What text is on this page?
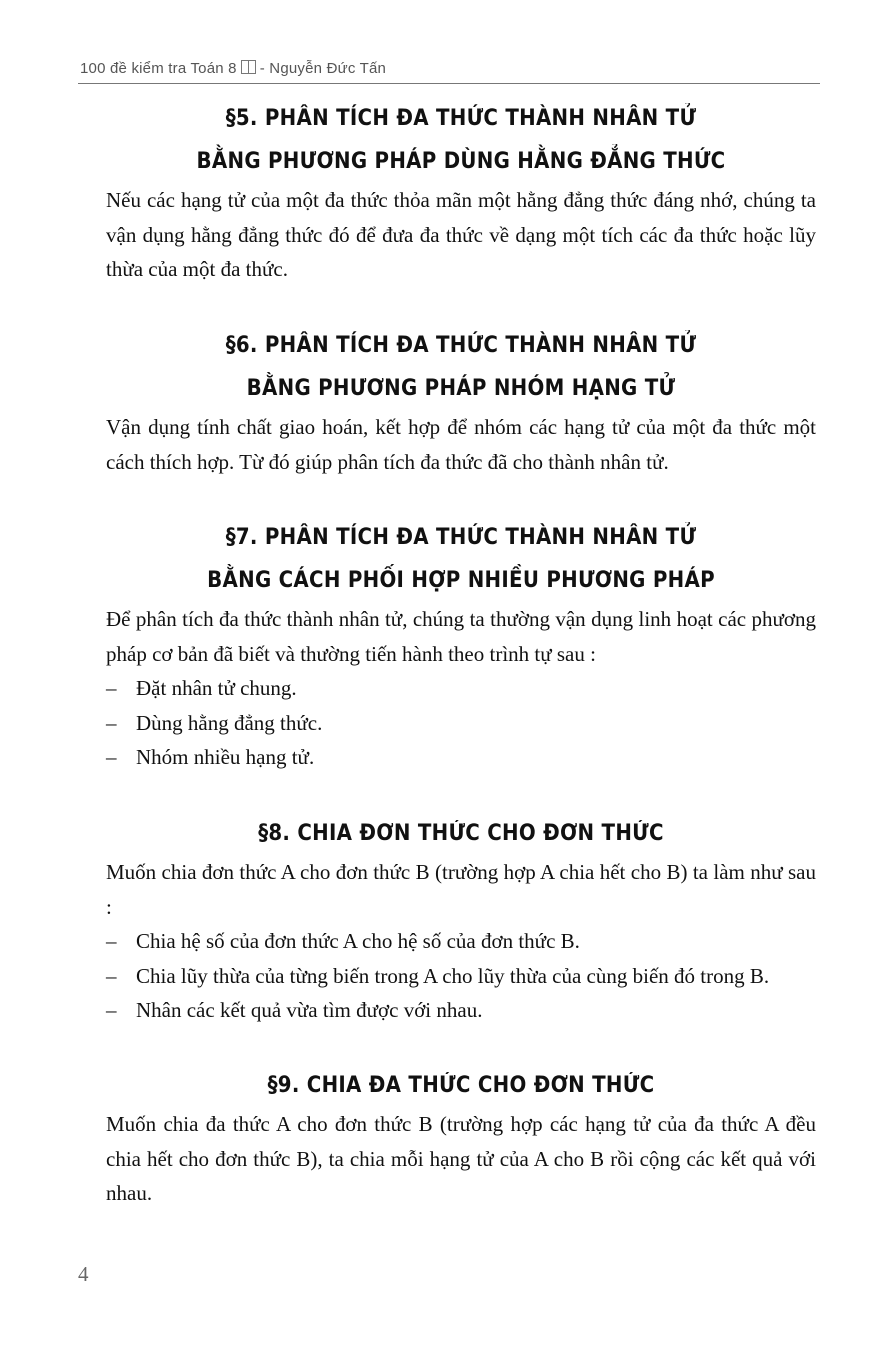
100 đề kiểm tra Toán 8 - Nguyễn Đức Tấn
§5. PHÂN TÍCH ĐA THỨC THÀNH NHÂN TỬ
BẰNG PHƯƠNG PHÁP DÙNG HẰNG ĐẲNG THỨC

Nếu các hạng tử của một đa thức thỏa mãn một hằng đẳng thức đáng nhớ, chúng ta vận dụng hằng đẳng thức đó để đưa đa thức về dạng một tích các đa thức hoặc lũy thừa của một đa thức.

§6. PHÂN TÍCH ĐA THỨC THÀNH NHÂN TỬ
BẰNG PHƯƠNG PHÁP NHÓM HẠNG TỬ

Vận dụng tính chất giao hoán, kết hợp để nhóm các hạng tử của một đa thức một cách thích hợp. Từ đó giúp phân tích đa thức đã cho thành nhân tử.

§7. PHÂN TÍCH ĐA THỨC THÀNH NHÂN TỬ
BẰNG CÁCH PHỐI HỢP NHIỀU PHƯƠNG PHÁP

Để phân tích đa thức thành nhân tử, chúng ta thường vận dụng linh hoạt các phương pháp cơ bản đã biết và thường tiến hành theo trình tự sau :

– Đặt nhân tử chung.
– Dùng hằng đẳng thức.
– Nhóm nhiều hạng tử.
§8. CHIA ĐƠN THỨC CHO ĐƠN THỨC

Muốn chia đơn thức A cho đơn thức B (trường hợp A chia hết cho B) ta làm như sau :

– Chia hệ số của đơn thức A cho hệ số của đơn thức B.
– Chia lũy thừa của từng biến trong A cho lũy thừa của cùng biến đó trong B.
– Nhân các kết quả vừa tìm được với nhau.
§9. CHIA ĐA THỨC CHO ĐƠN THỨC

Muốn chia đa thức A cho đơn thức B (trường hợp các hạng tử của đa thức A đều chia hết cho đơn thức B), ta chia mỗi hạng tử của A cho B rồi cộng các kết quả với nhau.

4
